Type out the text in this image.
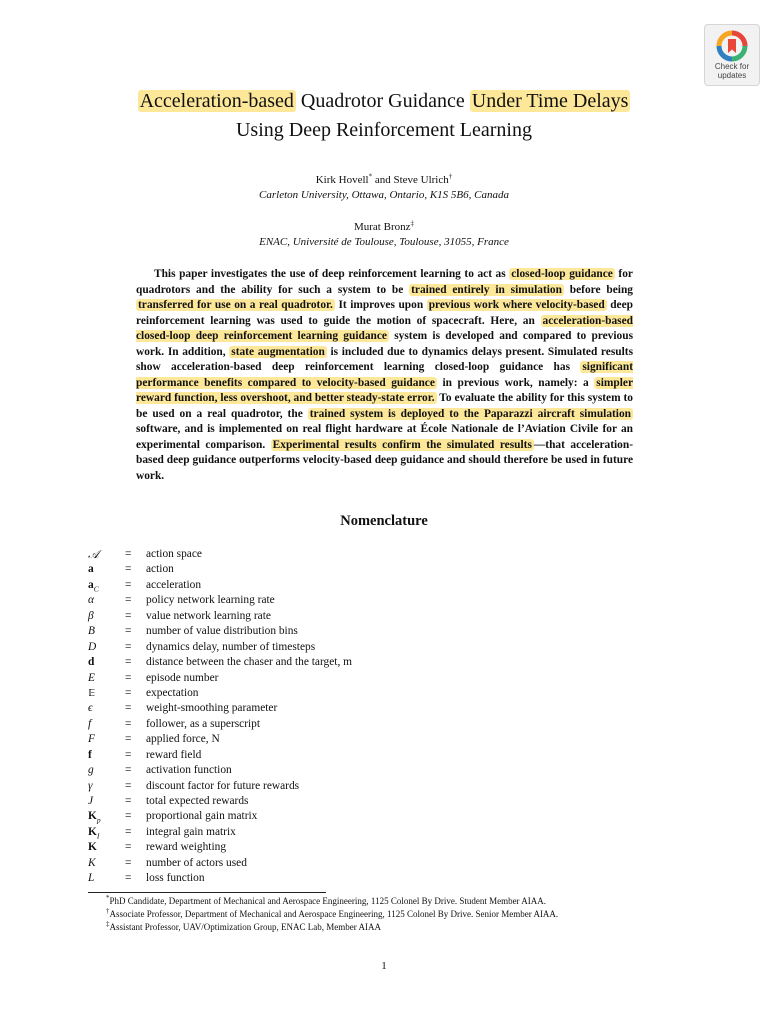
Check for
updates
Acceleration-based Quadrotor Guidance Under Time Delays
Using Deep Reinforcement Learning
Kirk Hovell* and Steve Ulrich†
Carleton University, Ottawa, Ontario, K1S 5B6, Canada
Murat Bronz‡
ENAC, Université de Toulouse, Toulouse, 31055, France
This paper investigates the use of deep reinforcement learning to act as closed-loop guidance for quadrotors and the ability for such a system to be trained entirely in simulation before being transferred for use on a real quadrotor. It improves upon previous work where velocity-based deep reinforcement learning was used to guide the motion of spacecraft. Here, an acceleration-based closed-loop deep reinforcement learning guidance system is developed and compared to previous work. In addition, state augmentation is included due to dynamics delays present. Simulated results show acceleration-based deep reinforcement learning closed-loop guidance has significant performance benefits compared to velocity-based guidance in previous work, namely: a simpler reward function, less overshoot, and better steady-state error. To evaluate the ability for this system to be used on a real quadrotor, the trained system is deployed to the Paparazzi aircraft simulation software, and is implemented on real flight hardware at École Nationale de l’Aviation Civile for an experimental comparison. Experimental results confirm the simulated results —that acceleration-based deep guidance outperforms velocity-based deep guidance and should therefore be used in future work.
Nomenclature
𝒜	= action space
a	= action
$a_C$	= acceleration
α	= policy network learning rate
β	= value network learning rate
B	= number of value distribution bins
D	= dynamics delay, number of timesteps
d	= distance between the chaser and the target, m
E	= episode number
𝔼	= expectation
ϵ	= weight-smoothing parameter
f	= follower, as a superscript
F	= applied force, N
f	= reward field
g	= activation function
γ	= discount factor for future rewards
J	= total expected rewards
$K_p$	= proportional gain matrix
$K_I$	= integral gain matrix
K	= reward weighting
K	= number of actors used
L	= loss function
*PhD Candidate, Department of Mechanical and Aerospace Engineering, 1125 Colonel By Drive. Student Member AIAA.
†Associate Professor, Department of Mechanical and Aerospace Engineering, 1125 Colonel By Drive. Senior Member AIAA.
‡Assistant Professor, UAV/Optimization Group, ENAC Lab, Member AIAA
1
